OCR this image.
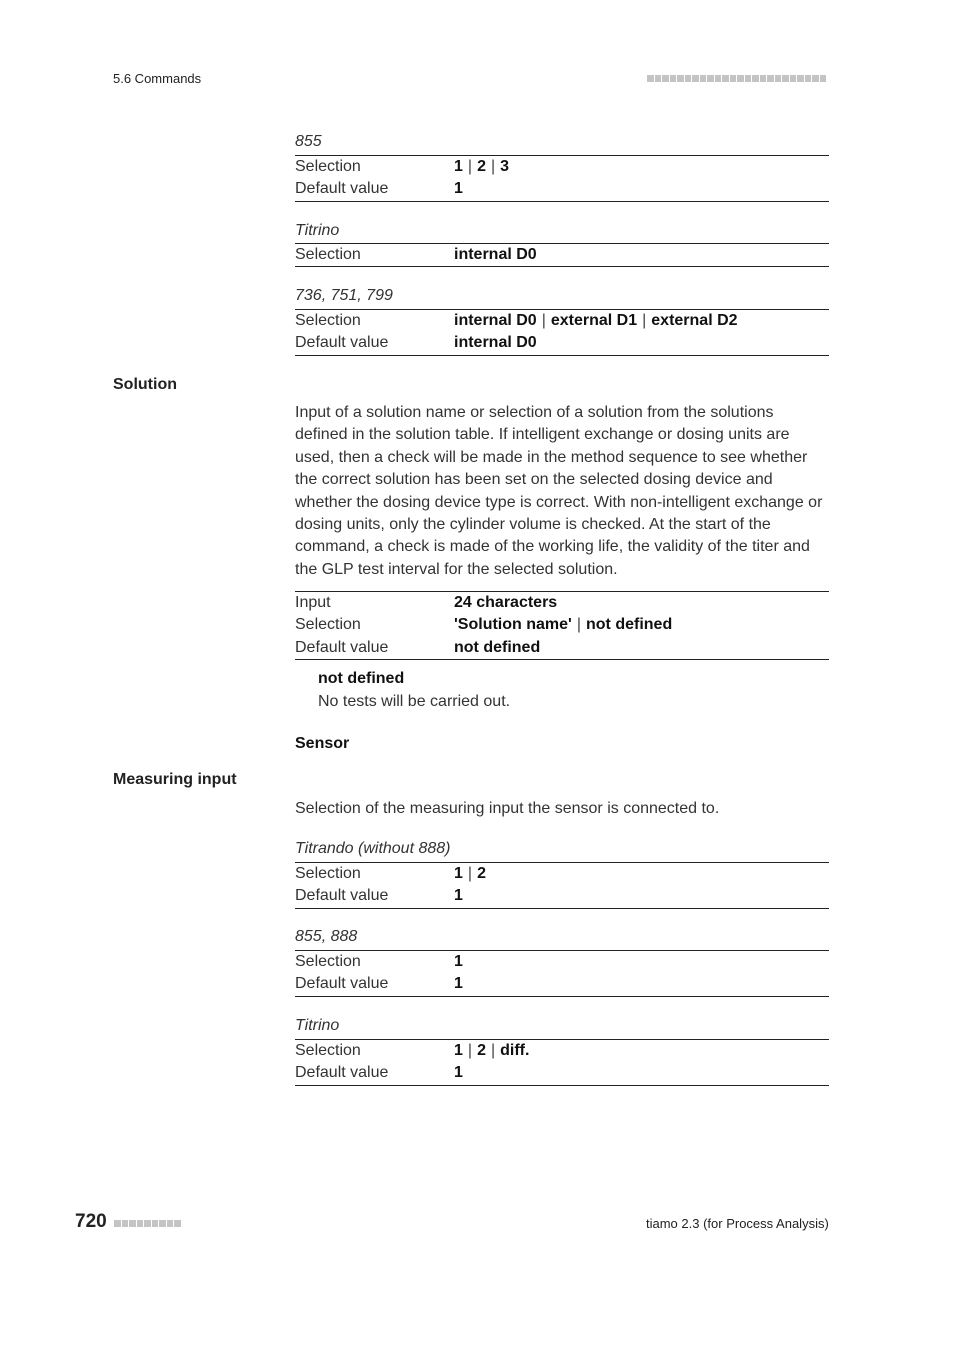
5.6 Commands
855
Selection	1 | 2 | 3
Default value	1
Titrino
Selection	internal D0
736, 751, 799
Selection	internal D0 | external D1 | external D2
Default value	internal D0
Solution
Input of a solution name or selection of a solution from the solutions defined in the solution table. If intelligent exchange or dosing units are used, then a check will be made in the method sequence to see whether the correct solution has been set on the selected dosing device and whether the dosing device type is correct. With non-intelligent exchange or dosing units, only the cylinder volume is checked. At the start of the command, a check is made of the working life, the validity of the titer and the GLP test interval for the selected solution.
Input	24 characters
Selection	'Solution name' | not defined
Default value	not defined
not defined
No tests will be carried out.
Sensor
Measuring input
Selection of the measuring input the sensor is connected to.
Titrando (without 888)
Selection	1 | 2
Default value	1
855, 888
Selection	1
Default value	1
Titrino
Selection	1 | 2 | diff.
Default value	1
720	tiamo 2.3 (for Process Analysis)
